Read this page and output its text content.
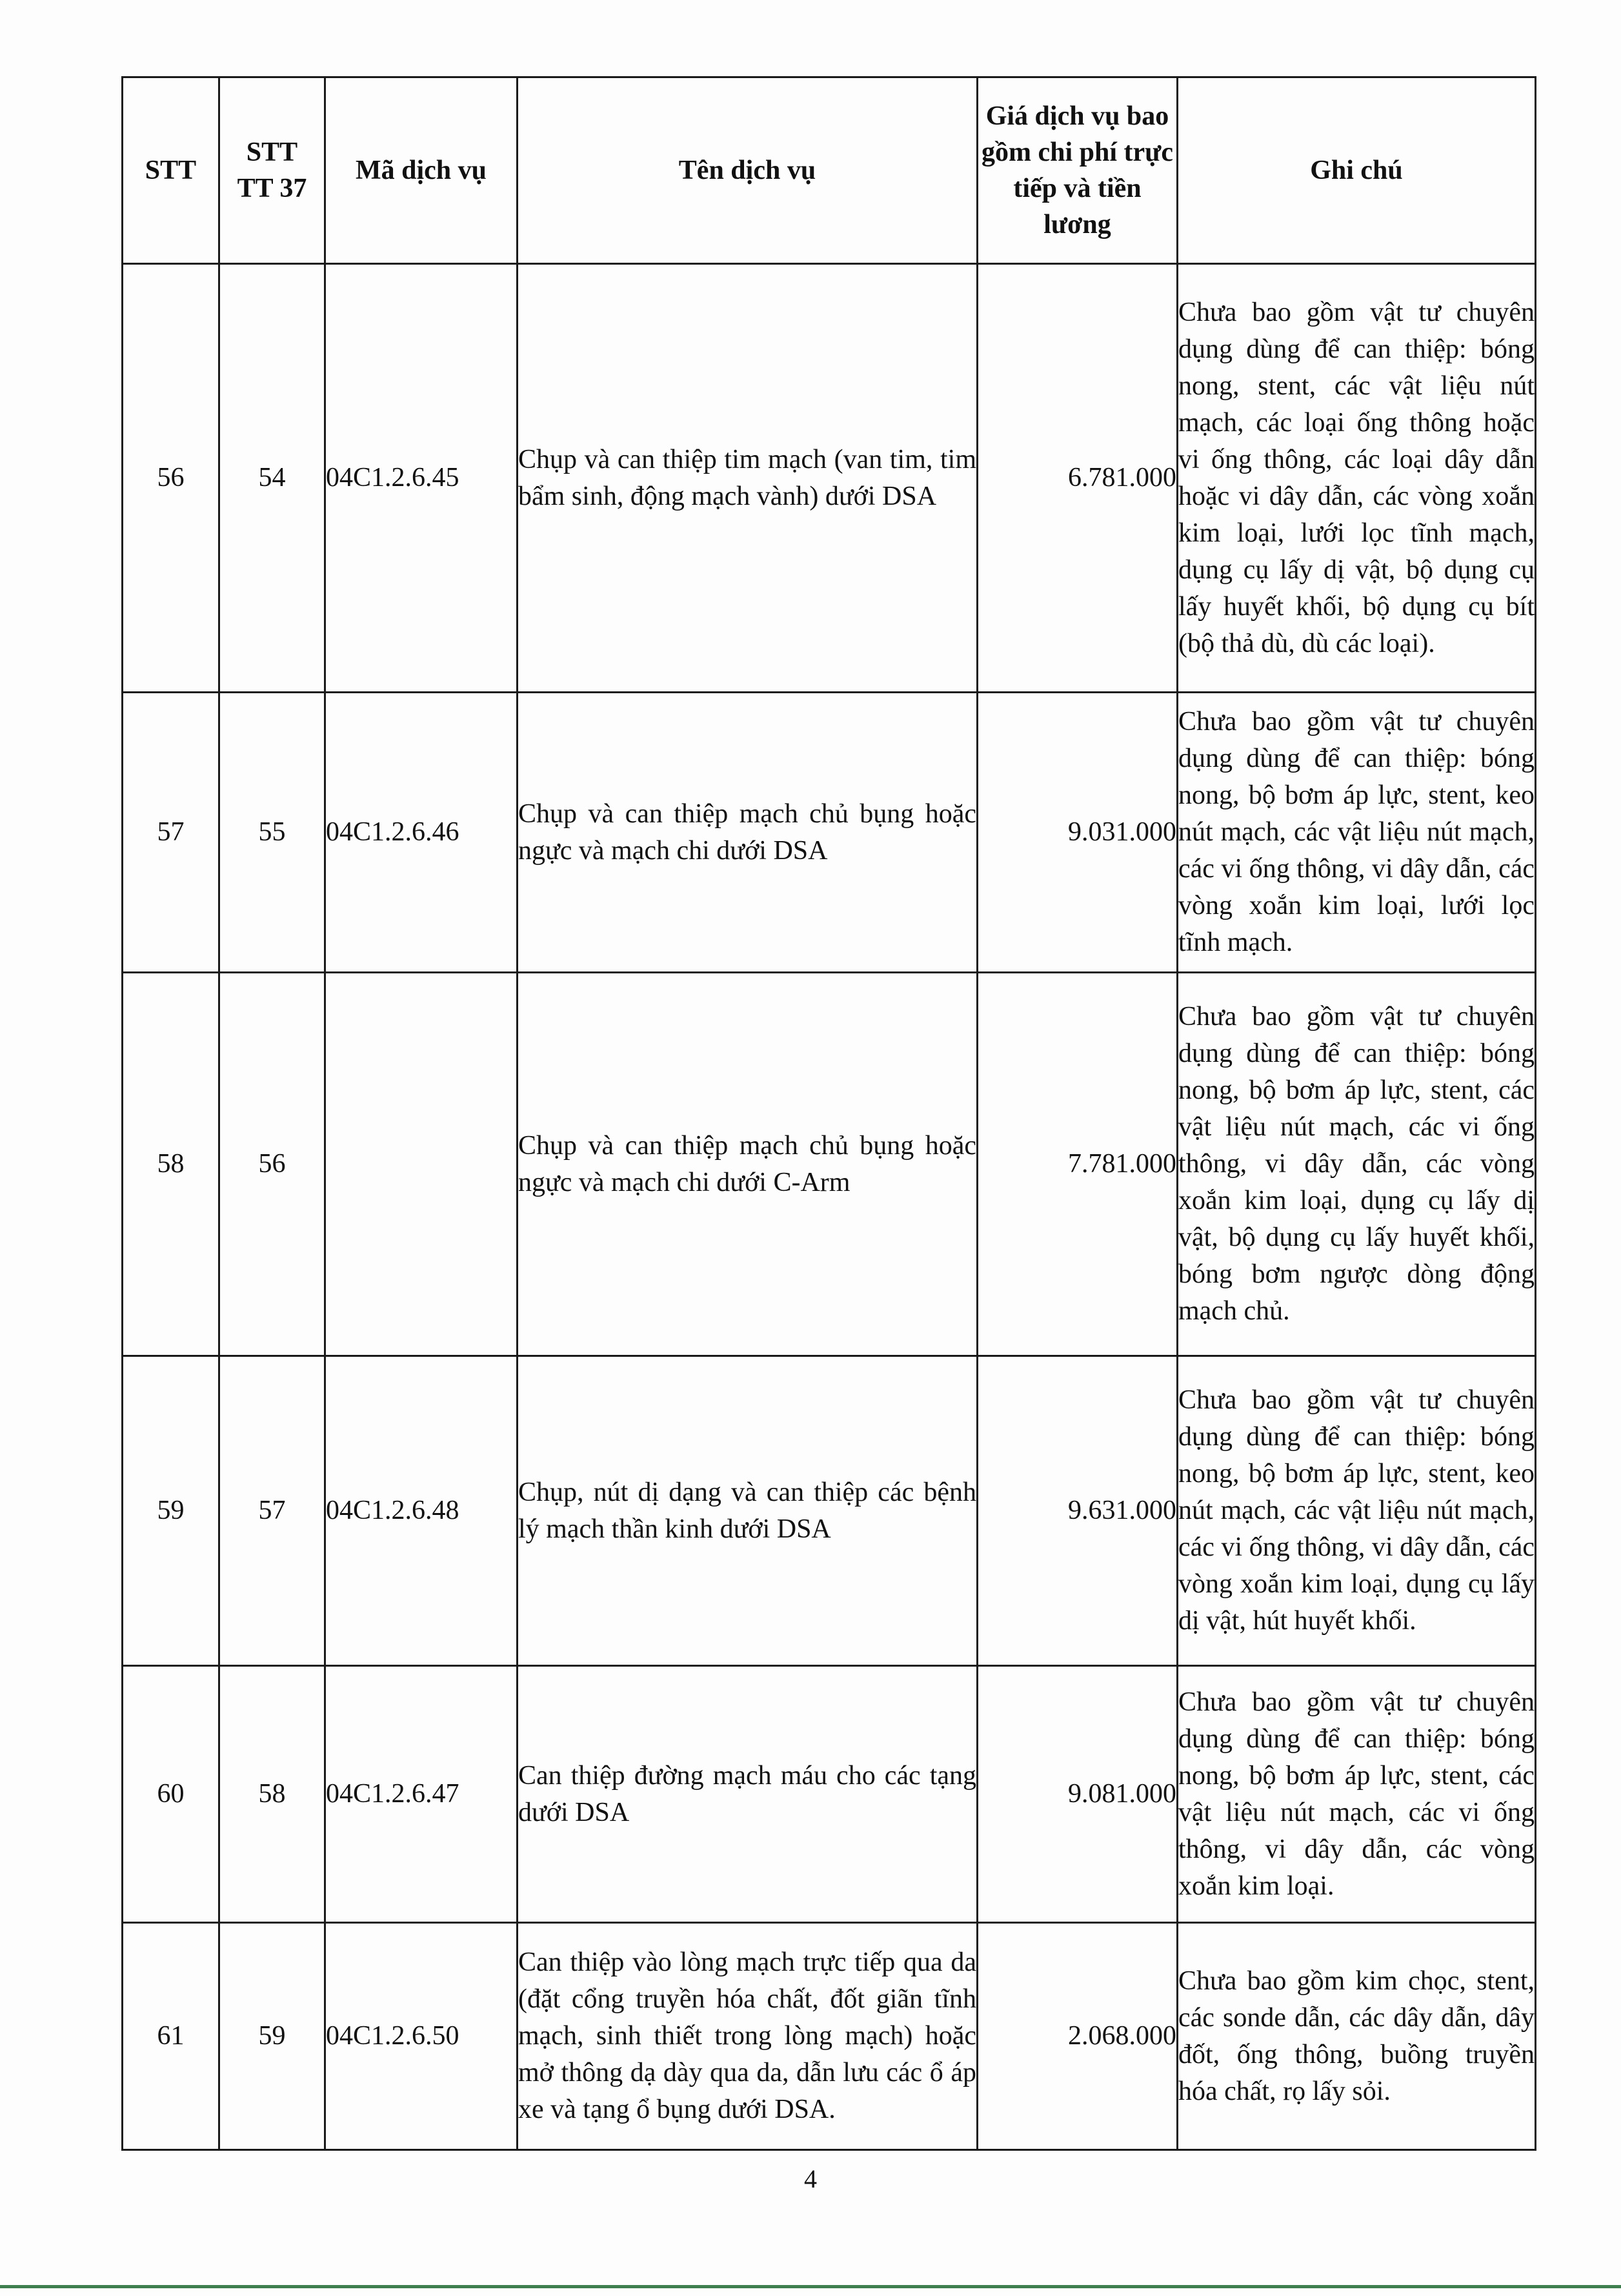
STT	STT TT 37	Mã dịch vụ	Tên dịch vụ	Giá dịch vụ bao gồm chi phí trực tiếp và tiền lương	Ghi chú
56	54	04C1.2.6.45	Chụp và can thiệp tim mạch (van tim, tim bẩm sinh, động mạch vành) dưới DSA	6.781.000	Chưa bao gồm vật tư chuyên dụng dùng để can thiệp: bóng nong, stent, các vật liệu nút mạch, các loại ống thông hoặc vi ống thông, các loại dây dẫn hoặc vi dây dẫn, các vòng xoắn kim loại, lưới lọc tĩnh mạch, dụng cụ lấy dị vật, bộ dụng cụ lấy huyết khối, bộ dụng cụ bít (bộ thả dù, dù các loại).
57	55	04C1.2.6.46	Chụp và can thiệp mạch chủ bụng hoặc ngực và mạch chi dưới DSA	9.031.000	Chưa bao gồm vật tư chuyên dụng dùng để can thiệp: bóng nong, bộ bơm áp lực, stent, keo nút mạch, các vật liệu nút mạch, các vi ống thông, vi dây dẫn, các vòng xoắn kim loại, lưới lọc tĩnh mạch.
58	56		Chụp và can thiệp mạch chủ bụng hoặc ngực và mạch chi dưới C-Arm	7.781.000	Chưa bao gồm vật tư chuyên dụng dùng để can thiệp: bóng nong, bộ bơm áp lực, stent, các vật liệu nút mạch, các vi ống thông, vi dây dẫn, các vòng xoắn kim loại, dụng cụ lấy dị vật, bộ dụng cụ lấy huyết khối, bóng bơm ngược dòng động mạch chủ.
59	57	04C1.2.6.48	Chụp, nút dị dạng và can thiệp các bệnh lý mạch thần kinh dưới DSA	9.631.000	Chưa bao gồm vật tư chuyên dụng dùng để can thiệp: bóng nong, bộ bơm áp lực, stent, keo nút mạch, các vật liệu nút mạch, các vi ống thông, vi dây dẫn, các vòng xoắn kim loại, dụng cụ lấy dị vật, hút huyết khối.
60	58	04C1.2.6.47	Can thiệp đường mạch máu cho các tạng dưới DSA	9.081.000	Chưa bao gồm vật tư chuyên dụng dùng để can thiệp: bóng nong, bộ bơm áp lực, stent, các vật liệu nút mạch, các vi ống thông, vi dây dẫn, các vòng xoắn kim loại.
61	59	04C1.2.6.50	Can thiệp vào lòng mạch trực tiếp qua da (đặt cổng truyền hóa chất, đốt giãn tĩnh mạch, sinh thiết trong lòng mạch) hoặc mở thông dạ dày qua da, dẫn lưu các ổ áp xe và tạng ổ bụng dưới DSA.	2.068.000	Chưa bao gồm kim chọc, stent, các sonde dẫn, các dây dẫn, dây đốt, ống thông, buồng truyền hóa chất, rọ lấy sỏi.
4
